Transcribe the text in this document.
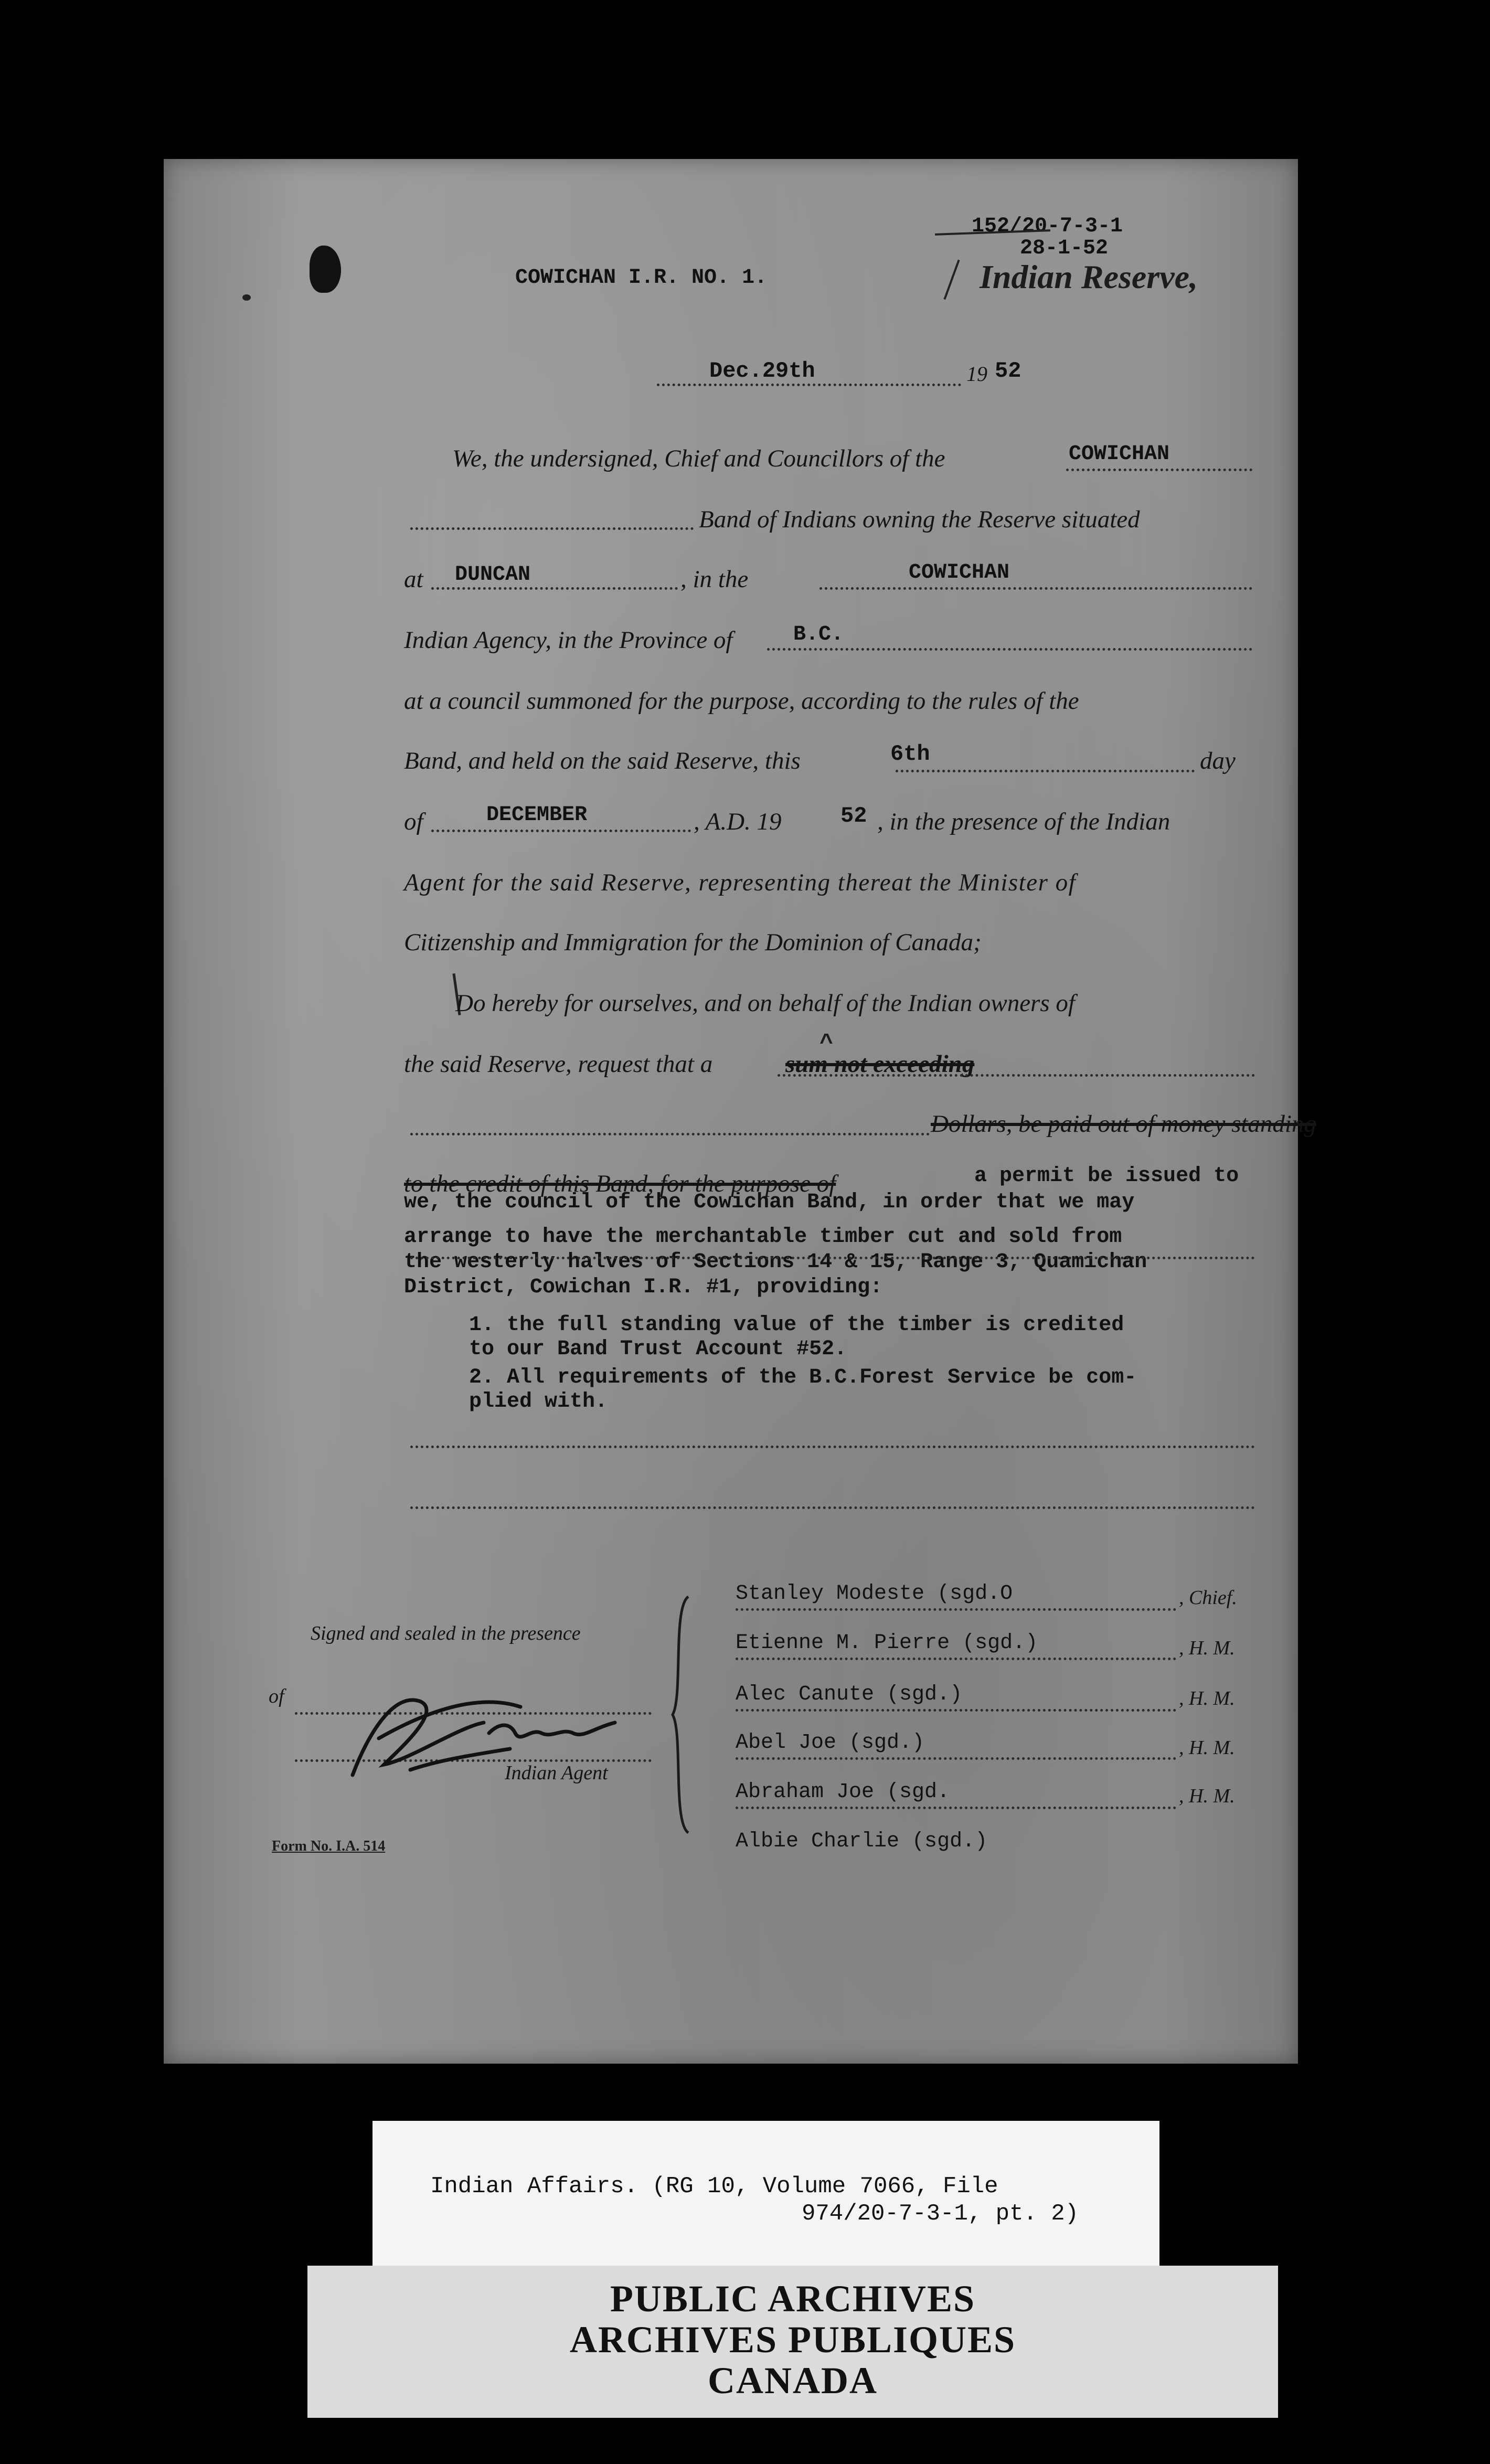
152/20-7-3-1
28-1-52
COWICHAN I.R. NO. 1.	Indian Reserve,
Dec.29th	19 52
We, the undersigned, Chief and Councillors of the	COWICHAN
Band of Indians owning the Reserve situated
at DUNCAN	, in the	COWICHAN
Indian Agency, in the Province of	B.C.
at a council summoned for the purpose, according to the rules of the
Band, and held on the said Reserve, this	6th	day
of	DECEMBER	, A.D. 19	52 , in the presence of the Indian
Agent for the said Reserve, representing thereat the Minister of
Citizenship and Immigration for the Dominion of Canada;
Do hereby for ourselves, and on behalf of the Indian owners of
the said Reserve, request that a	sum not exceeding
^
Dollars, be paid out of money standing
to the credit of this Band, for the purpose of	a permit be issued to
we, the council of the Cowichan Band, in order that we may
arrange to have the merchantable timber cut and sold from
the westerly halves of Sections 14 & 15, Range 3, Quamichan
District, Cowichan I.R. #1, providing:
1. the full standing value of the timber is credited
to our Band Trust Account #52.
2. All requirements of the B.C.Forest Service be com-
plied with.
Signed and sealed in the presence
of
Indian Agent
Stanley Modeste (sgd.O	, Chief.
Etienne M. Pierre (sgd.)	, H. M.
Alec Canute (sgd.)	, H. M.
Abel Joe (sgd.)	, H. M.
Abraham Joe (sgd.	, H. M.
Albie Charlie (sgd.)
Form No. I.A. 514
Indian Affairs. (RG 10, Volume 7066, File
974/20-7-3-1, pt. 2)
PUBLIC ARCHIVES
ARCHIVES PUBLIQUES
CANADA
